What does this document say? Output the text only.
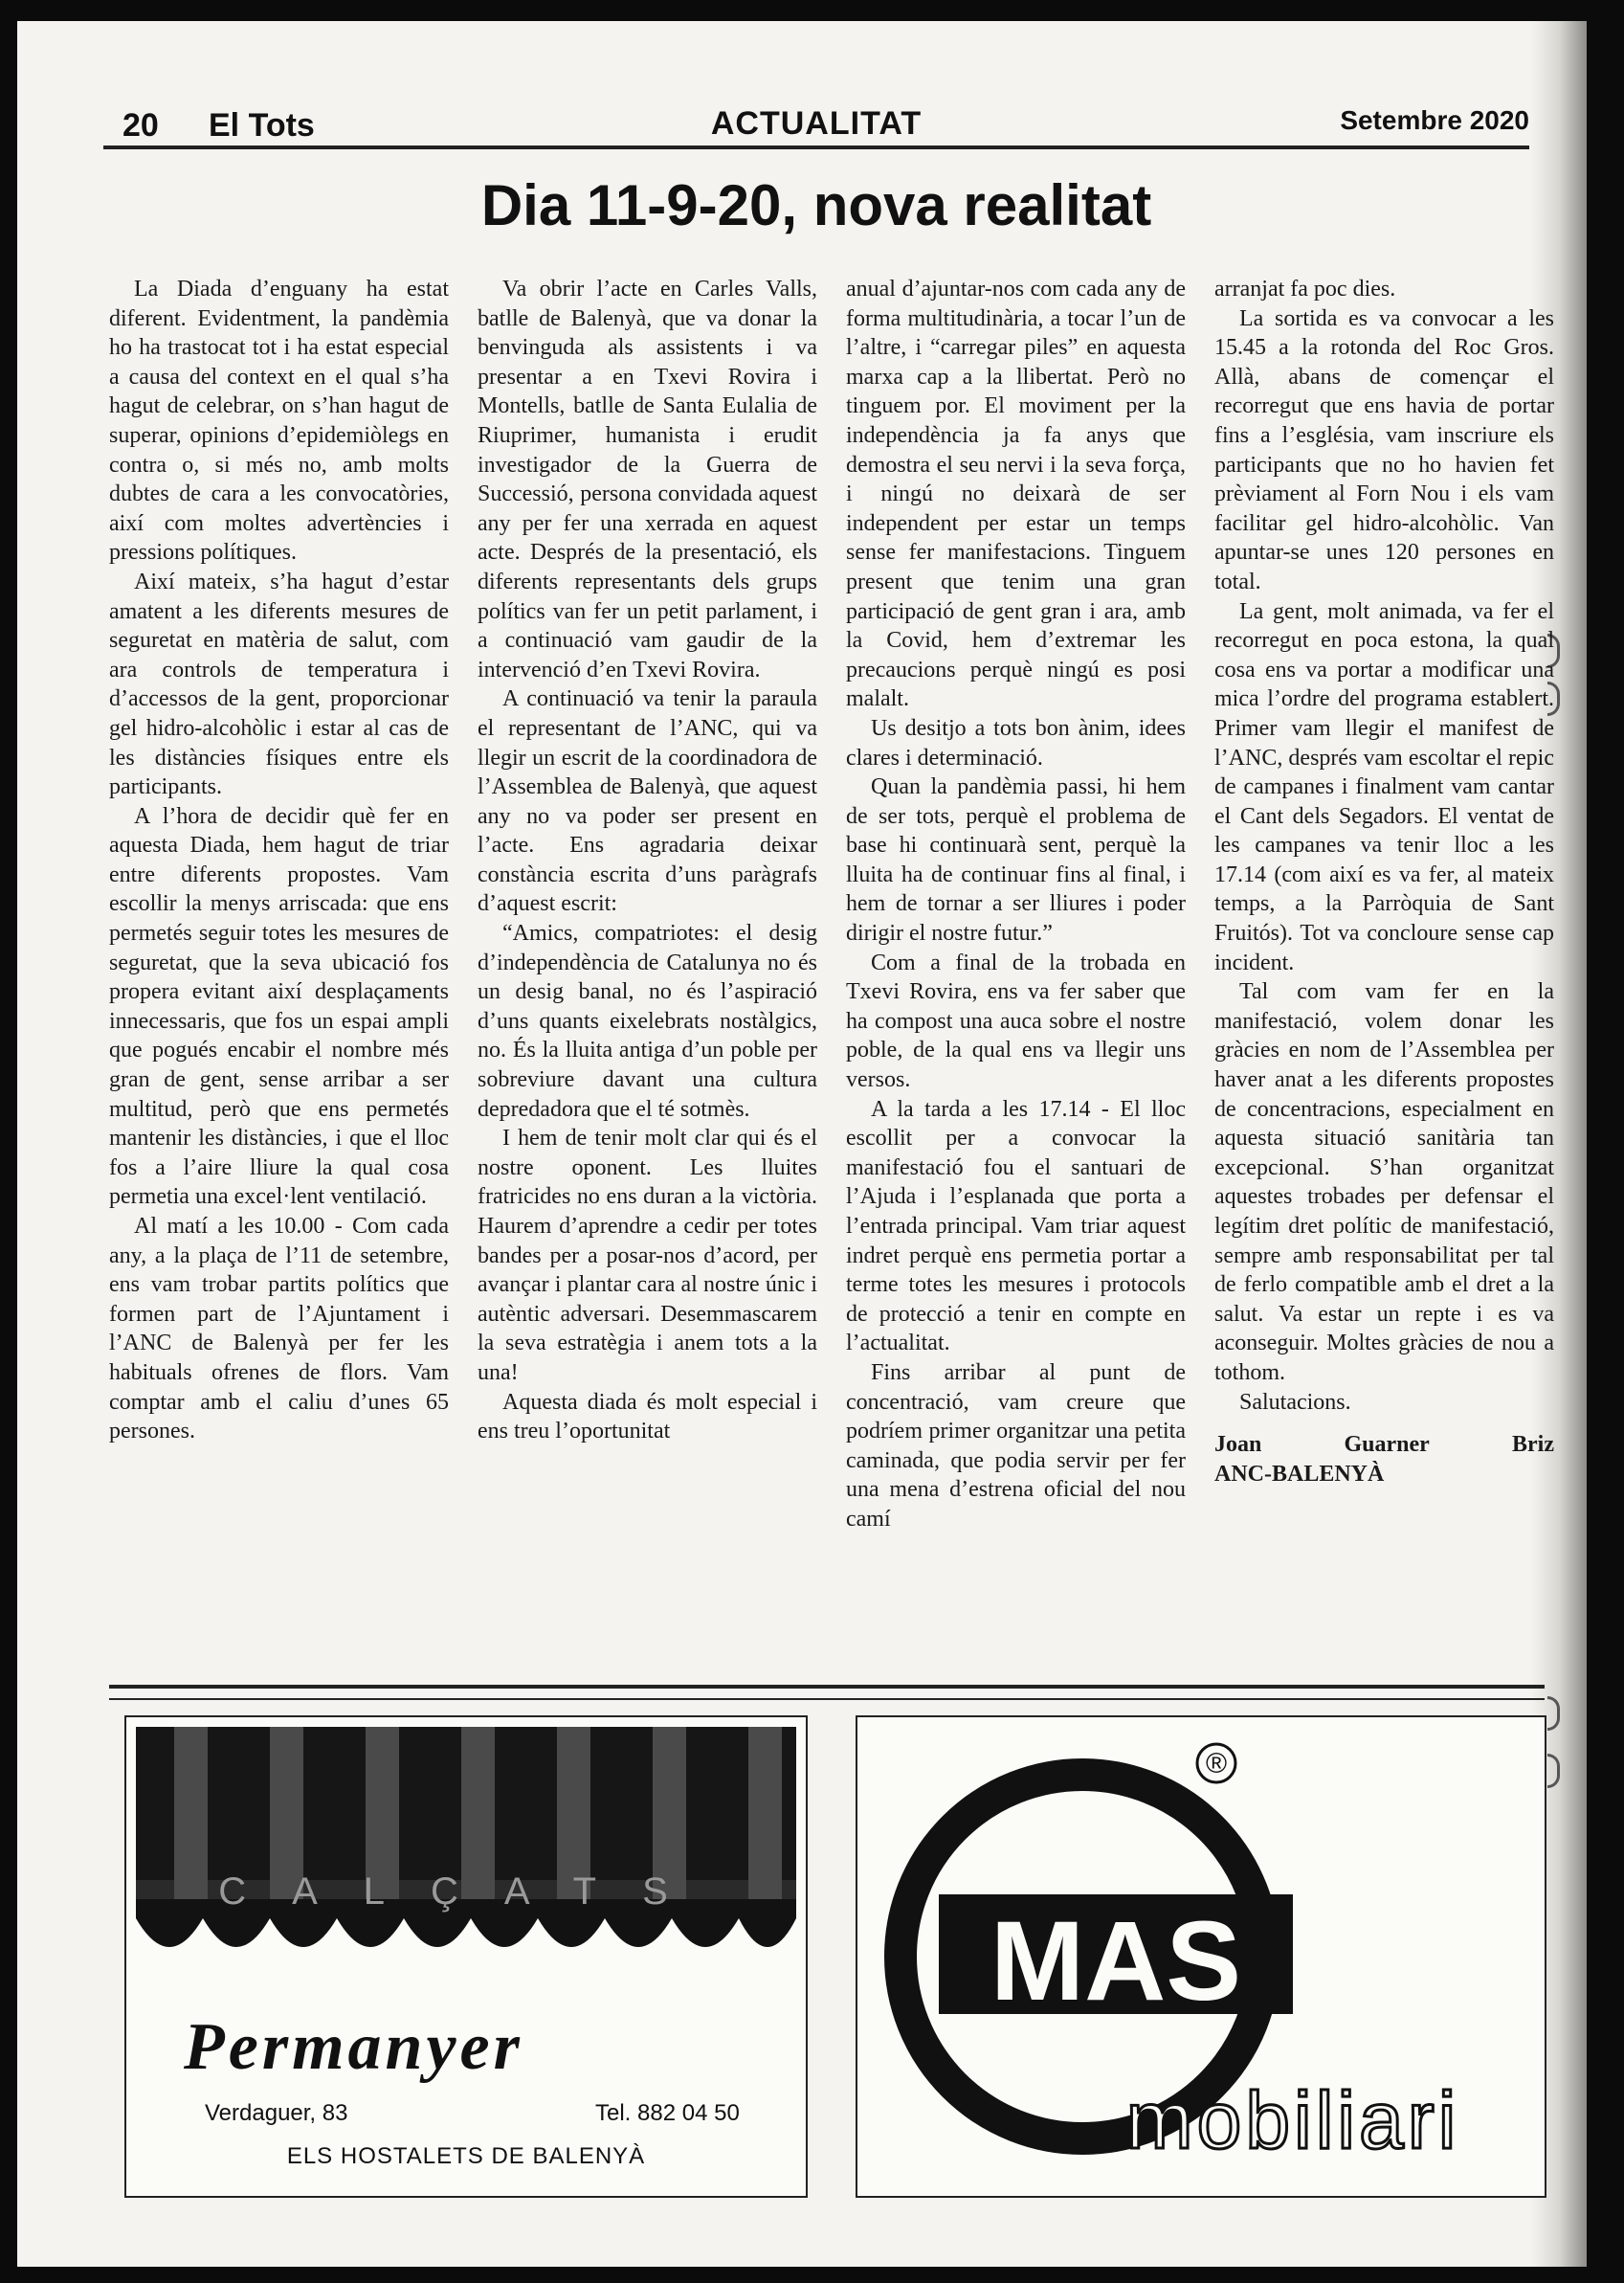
20 El Tots	ACTUALITAT	Setembre 2020
Dia 11-9-20, nova realitat

La Diada d’enguany ha estat diferent. Evidentment, la pandèmia ho ha trastocat tot i ha estat especial a causa del context en el qual s’ha hagut de celebrar, on s’han hagut de superar, opinions d’epidemiòlegs en contra o, si més no, amb molts dubtes de cara a les convocatòries, així com moltes advertències i pressions polítiques.

Així mateix, s’ha hagut d’estar amatent a les diferents mesures de seguretat en matèria de salut, com ara controls de temperatura i d’accessos de la gent, proporcionar gel hidro-alcohòlic i estar al cas de les distàncies físiques entre els participants.

A l’hora de decidir què fer en aquesta Diada, hem hagut de triar entre diferents propostes. Vam escollir la menys arriscada: que ens permetés seguir totes les mesures de seguretat, que la seva ubicació fos propera evitant així desplaçaments innecessaris, que fos un espai ampli que pogués encabir el nombre més gran de gent, sense arribar a ser multitud, però que ens permetés mantenir les distàncies, i que el lloc fos a l’aire lliure la qual cosa permetia una excel·lent ventilació.

Al matí a les 10.00 - Com cada any, a la plaça de l’11 de setembre, ens vam trobar partits polítics que formen part de l’Ajuntament i l’ANC de Balenyà per fer les habituals ofrenes de flors. Vam comptar amb el caliu d’unes 65 persones.

Va obrir l’acte en Carles Valls, batlle de Balenyà, que va donar la benvinguda als assistents i va presentar a en Txevi Rovira i Montells, batlle de Santa Eulalia de Riuprimer, humanista i erudit investigador de la Guerra de Successió, persona convidada aquest any per fer una xerrada en aquest acte. Després de la presentació, els diferents representants dels grups polítics van fer un petit parlament, i a continuació vam gaudir de la intervenció d’en Txevi Rovira.

A continuació va tenir la paraula el representant de l’ANC, qui va llegir un escrit de la coordinadora de l’Assemblea de Balenyà, que aquest any no va poder ser present en l’acte. Ens agradaria deixar constància escrita d’uns paràgrafs d’aquest escrit:

“Amics, compatriotes: el desig d’independència de Catalunya no és un desig banal, no és l’aspiració d’uns quants eixelebrats nostàlgics, no. És la lluita antiga d’un poble per sobreviure davant una cultura depredadora que el té sotmès.

I hem de tenir molt clar qui és el nostre oponent. Les lluites fratricides no ens duran a la victòria. Haurem d’aprendre a cedir per totes bandes per a posar-nos d’acord, per avançar i plantar cara al nostre únic i autèntic adversari. Desemmascarem la seva estratègia i anem tots a la una!

Aquesta diada és molt especial i ens treu l’oportunitat

anual d’ajuntar-nos com cada any de forma multitudinària, a tocar l’un de l’altre, i “carregar piles” en aquesta marxa cap a la llibertat. Però no tinguem por. El moviment per la independència ja fa anys que demostra el seu nervi i la seva força, i ningú no deixarà de ser independent per estar un temps sense fer manifestacions. Tinguem present que tenim una gran participació de gent gran i ara, amb la Covid, hem d’extremar les precaucions perquè ningú es posi malalt.

Us desitjo a tots bon ànim, idees clares i determinació.

Quan la pandèmia passi, hi hem de ser tots, perquè el problema de base hi continuarà sent, perquè la lluita ha de continuar fins al final, i hem de tornar a ser lliures i poder dirigir el nostre futur.”

Com a final de la trobada en Txevi Rovira, ens va fer saber que ha compost una auca sobre el nostre poble, de la qual ens va llegir uns versos.

A la tarda a les 17.14 - El lloc escollit per a convocar la manifestació fou el santuari de l’Ajuda i l’esplanada que porta a l’entrada principal. Vam triar aquest indret perquè ens permetia portar a terme totes les mesures i protocols de protecció a tenir en compte en l’actualitat.

Fins arribar al punt de concentració, vam creure que podríem primer organitzar una petita caminada, que podia servir per fer una mena d’estrena oficial del nou camí

arranjat fa poc dies.

La sortida es va convocar a les 15.45 a la rotonda del Roc Gros. Allà, abans de començar el recorregut que ens havia de portar fins a l’església, vam inscriure els participants que no ho havien fet prèviament al Forn Nou i els vam facilitar gel hidro-alcohòlic. Van apuntar-se unes 120 persones en total.

La gent, molt animada, va fer el recorregut en poca estona, la qual cosa ens va portar a modificar una mica l’ordre del programa establert. Primer vam llegir el manifest de l’ANC, després vam escoltar el repic de campanes i finalment vam cantar el Cant dels Segadors. El ventat de les campanes va tenir lloc a les 17.14 (com així es va fer, al mateix temps, a la Parròquia de Sant Fruitós). Tot va concloure sense cap incident.

Tal com vam fer en la manifestació, volem donar les gràcies en nom de l’Assemblea per haver anat a les diferents propostes de concentracions, especialment en aquesta situació sanitària tan excepcional. S’han organitzat aquestes trobades per defensar el legítim dret polític de manifestació, sempre amb responsabilitat per tal de ferlo compatible amb el dret a la salut. Va estar un repte i es va aconseguir. Moltes gràcies de nou a tothom.

Salutacions.

Joan	Guarner	Briz
ANC-BALENYÀ
CALÇATS
Permanyer
Verdaguer, 83	Tel. 882 04 50
ELS HOSTALETS DE BALENYÀ
MAS
®
mobiliari
